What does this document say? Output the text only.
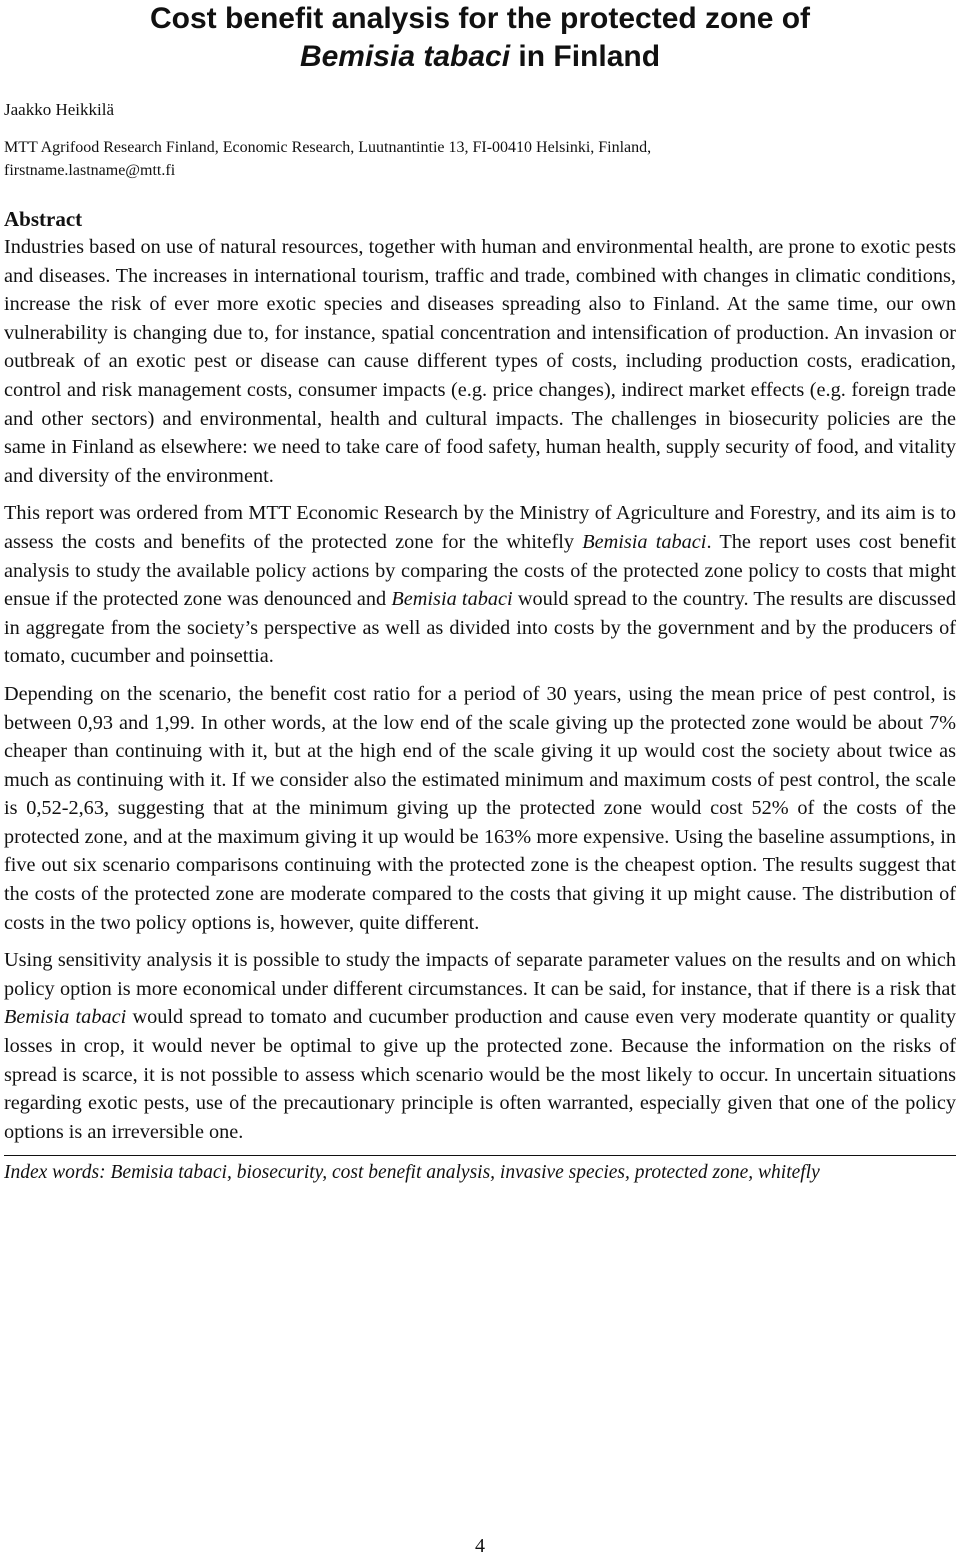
Cost benefit analysis for the protected zone of
Bemisia tabaci in Finland
Jaakko Heikkilä
MTT Agrifood Research Finland, Economic Research, Luutnantintie 13, FI-00410 Helsinki, Finland,
firstname.lastname@mtt.fi
Abstract

Industries based on use of natural resources, together with human and environmental health, are prone to exotic pests and diseases. The increases in international tourism, traffic and trade, combined with changes in climatic conditions, increase the risk of ever more exotic species and diseases spreading also to Finland. At the same time, our own vulnerability is changing due to, for instance, spatial concentration and intensification of production. An invasion or outbreak of an exotic pest or disease can cause different types of costs, including production costs, eradication, control and risk management costs, consumer impacts (e.g. price changes), indirect market effects (e.g. foreign trade and other sectors) and environmental, health and cultural impacts. The challenges in biosecurity policies are the same in Finland as elsewhere: we need to take care of food safety, human health, supply security of food, and vitality and diversity of the environment.

This report was ordered from MTT Economic Research by the Ministry of Agriculture and Forestry, and its aim is to assess the costs and benefits of the protected zone for the whitefly Bemisia tabaci. The report uses cost benefit analysis to study the available policy actions by comparing the costs of the protected zone policy to costs that might ensue if the protected zone was denounced and Bemisia tabaci would spread to the country. The results are discussed in aggregate from the society’s perspective as well as divided into costs by the government and by the producers of tomato, cucumber and poinsettia.

Depending on the scenario, the benefit cost ratio for a period of 30 years, using the mean price of pest control, is between 0,93 and 1,99. In other words, at the low end of the scale giving up the protected zone would be about 7% cheaper than continuing with it, but at the high end of the scale giving it up would cost the society about twice as much as continuing with it. If we consider also the estimated minimum and maximum costs of pest control, the scale is 0,52-2,63, suggesting that at the minimum giving up the protected zone would cost 52% of the costs of the protected zone, and at the maximum giving it up would be 163% more expensive. Using the baseline assumptions, in five out six scenario comparisons continuing with the protected zone is the cheapest option. The results suggest that the costs of the protected zone are moderate compared to the costs that giving it up might cause. The distribution of costs in the two policy options is, however, quite different.

Using sensitivity analysis it is possible to study the impacts of separate parameter values on the results and on which policy option is more economical under different circumstances. It can be said, for instance, that if there is a risk that Bemisia tabaci would spread to tomato and cucumber production and cause even very moderate quantity or quality losses in crop, it would never be optimal to give up the protected zone. Because the information on the risks of spread is scarce, it is not possible to assess which scenario would be the most likely to occur. In uncertain situations regarding exotic pests, use of the precautionary principle is often warranted, especially given that one of the policy options is an irreversible one.

Index words: Bemisia tabaci, biosecurity, cost benefit analysis, invasive species, protected zone, whitefly
4
